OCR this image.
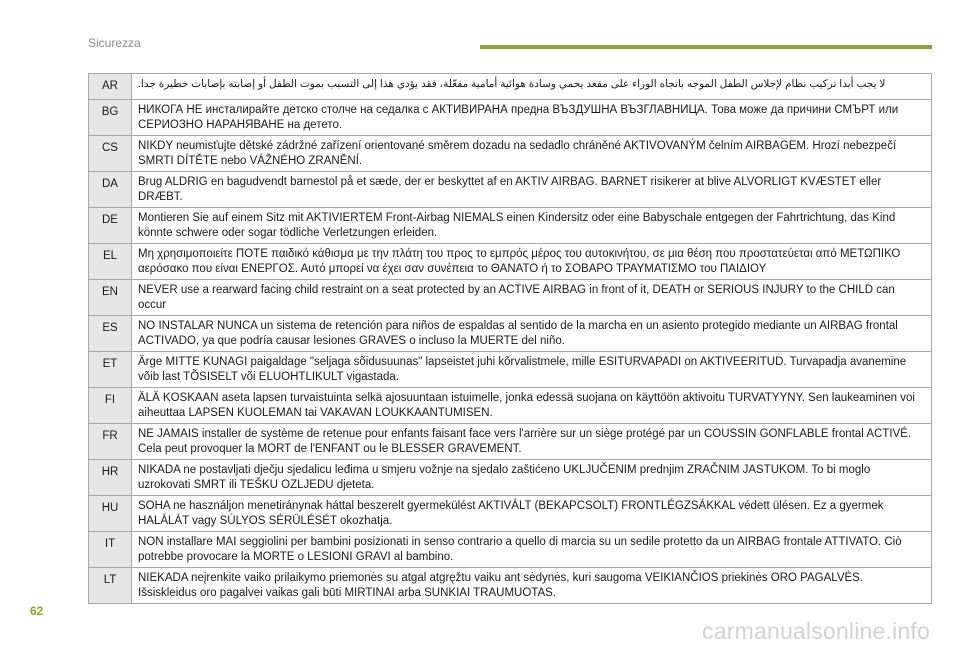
Sicurezza
AR	لا يجب أبدا تركيب نظام لإجلاس الطفل الموجه باتجاه الوراء على مقعد يحمي وسادة هوائية أمامية مفعّلة، فقد يؤدي هذا إلى التسبب بموت الطفل أو إصابته بإصابات خطيرة جدا.
BG	НИКОГА НЕ инсталирайте детско столче на седалка с АКТИВИРАНА предна ВЪЗДУШНА ВЪЗГЛАВНИЦА. Това може да причини СМЪРТ или СЕРИОЗНО НАРАНЯВАНЕ на детето.
CS	NIKDY neumisťujte dětské zádržné zařízení orientované směrem dozadu na sedadlo chráněné AKTIVOVANÝM čelním AIRBAGEM. Hrozí nebezpečí SMRTI DÍTĚTE nebo VÁŽNÉHO ZRANĚNÍ.
DA	Brug ALDRIG en bagudvendt barnestol på et sæde, der er beskyttet af en AKTIV AIRBAG. BARNET risikerer at blive ALVORLIGT KVÆSTET eller DRÆBT.
DE	Montieren Sie auf einem Sitz mit AKTIVIERTEM Front-Airbag NIEMALS einen Kindersitz oder eine Babyschale entgegen der Fahrtrichtung, das Kind könnte schwere oder sogar tödliche Verletzungen erleiden.
EL	Μη χρησιμοποιείτε ΠΟΤΕ παιδικό κάθισμα με την πλάτη του προς το εμπρός μέρος του αυτοκινήτου, σε μια θέση που προστατεύεται από ΜΕΤΩΠΙΚΟ αερόσακο που είναι ΕΝΕΡΓΟΣ. Αυτό μπορεί να έχει σαν συνέπεια το ΘΑΝΑΤΟ ή το ΣΟΒΑΡΟ ΤΡΑΥΜΑΤΙΣΜΟ του ΠΑΙΔΙΟΥ
EN	NEVER use a rearward facing child restraint on a seat protected by an ACTIVE AIRBAG in front of it, DEATH or SERIOUS INJURY to the CHILD can occur
ES	NO INSTALAR NUNCA un sistema de retención para niños de espaldas al sentido de la marcha en un asiento protegido mediante un AIRBAG frontal ACTIVADO, ya que podría causar lesiones GRAVES o incluso la MUERTE del niño.
ET	Ärge MITTE KUNAGI paigaldage "seljaga sõidusuunas" lapseistet juhi kõrvalistmele, mille ESITURVAPADI on AKTIVEERITUD. Turvapadja avanemine võib last TÕSISELT või ELUOHTLIKULT vigastada.
FI	ÄLÄ KOSKAAN aseta lapsen turvaistuinta selkä ajosuuntaan istuimelle, jonka edessä suojana on käyttöön aktivoitu TURVATYYNY. Sen laukeaminen voi aiheuttaa LAPSEN KUOLEMAN tai VAKAVAN LOUKKAANTUMISEN.
FR	NE JAMAIS installer de système de retenue pour enfants faisant face vers l'arrière sur un siège protégé par un COUSSIN GONFLABLE frontal ACTIVÉ. Cela peut provoquer la MORT de l'ENFANT ou le BLESSER GRAVEMENT.
HR	NIKADA ne postavljati dječju sjedalicu leđima u smjeru vožnje na sjedalo zaštićeno UKLJUČENIM prednjim ZRAČNIM JASTUKOM. To bi moglo uzrokovati SMRT ili TEŠKU OZLJEDU djeteta.
HU	SOHA ne használjon menetiránynak háttal beszerelt gyermekülést AKTIVÁLT (BEKAPCSOLT) FRONTLÉGZSÁKKAL védett ülésen. Ez a gyermek HALÁLÁT vagy SÚLYOS SÉRÜLÉSÉT okozhatja.
IT	NON installare MAI seggiolini per bambini posizionati in senso contrario a quello di marcia su un sedile protetto da un AIRBAG frontale ATTIVATO. Ciò potrebbe provocare la MORTE o LESIONI GRAVI al bambino.
LT	NIEKADA neįrenkite vaiko prilaikymo priemonės su atgal atgręžtu vaiku ant sėdynės, kuri saugoma VEIKIANČIOS priekinės ORO PAGALVĖS. Išsiskleidus oro pagalvei vaikas gali būti MIRTINAI arba SUNKIAI TRAUMUOTAS.
62
carmanualsonline.info
